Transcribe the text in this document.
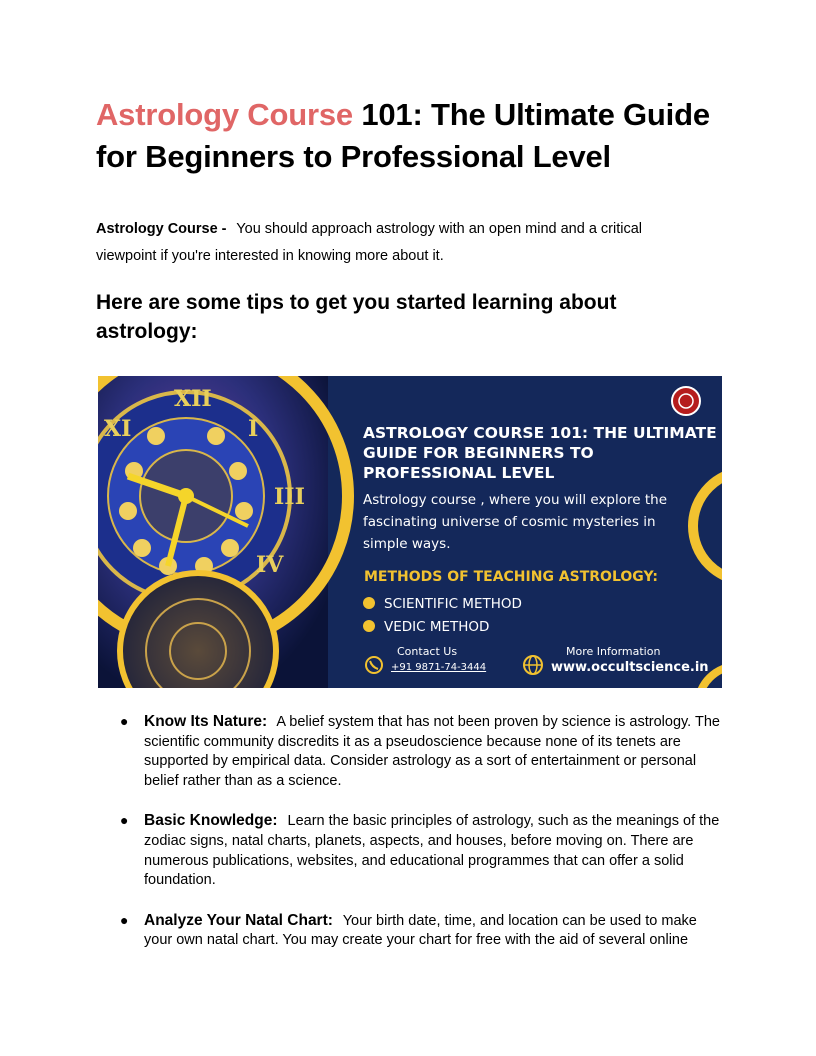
Astrology Course 101: The Ultimate Guide for Beginners to Professional Level

Astrology Course - You should approach astrology with an open mind and a critical viewpoint if you're interested in knowing more about it.

Here are some tips to get you started learning about astrology:
XII
I
XI
III
IV
ASTROLOGY COURSE 101: THE ULTIMATE
GUIDE FOR BEGINNERS TO
PROFESSIONAL LEVEL
Astrology course , where you will explore the
fascinating universe of cosmic mysteries in
simple ways.
METHODS OF TEACHING ASTROLOGY:
SCIENTIFIC METHOD
VEDIC METHOD
Contact Us
+91 9871-74-3444
More Information
www.occultscience.in
● Know Its Nature: A belief system that has not been proven by science is astrology. The scientific community discredits it as a pseudoscience because none of its tenets are supported by empirical data. Consider astrology as a sort of entertainment or personal belief rather than as a science.
● Basic Knowledge: Learn the basic principles of astrology, such as the meanings of the zodiac signs, natal charts, planets, aspects, and houses, before moving on. There are numerous publications, websites, and educational programmes that can offer a solid foundation.
● Analyze Your Natal Chart: Your birth date, time, and location can be used to make your own natal chart. You may create your chart for free with the aid of several online
